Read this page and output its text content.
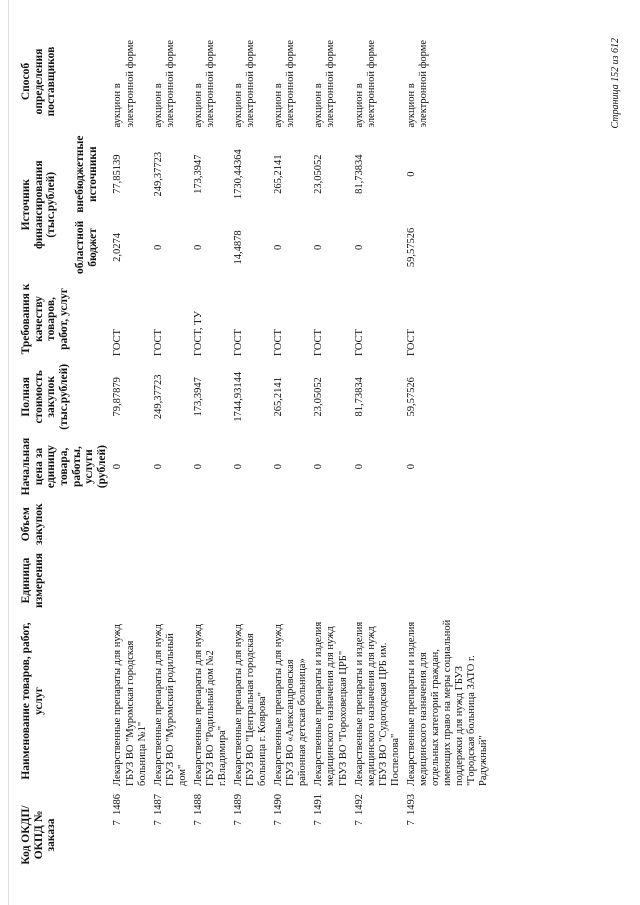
Код ОКДП/ ОКПД № заказа	Наименование товаров, работ, услуг	Единица измерения	Объем закупок	Начальная цена за единицу товара, работы, услуги (рублей)	Полная стоимость закупок (тыс.рублей)	Требования к качеству товаров, работ, услуг	Источник финансирования (тыс.рублей)		Способ определения поставщиков
							областной бюджет	внебюджетные источники	
7  1486	Лекарственные препараты для нужд ГБУЗ ВО "Муромская городская больница №1"			0	79,87879	ГОСТ	2,0274	77,85139	аукцион в электронной форме
7  1487	Лекарственные препараты для нужд ГБУЗ ВО "Муромский родильный дом"			0	249,37723	ГОСТ	0	249,37723	аукцион в электронной форме
7  1488	Лекарственные препараты для нужд ГБУЗ ВО "Родильный дом №2 г.Владимира"			0	173,3947	ГОСТ, ТУ	0	173,3947	аукцион в электронной форме
7  1489	Лекарственные препараты для нужд ГБУЗ ВО "Центральная городская больница г. Коврова"			0	1744,93144	ГОСТ	14,4878	1730,44364	аукцион в электронной форме
7  1490	Лекарственные препараты для нужд ГБУЗ ВО «Александровская районная детская больница»			0	265,2141	ГОСТ	0	265,2141	аукцион в электронной форме
7  1491	Лекарственные препараты и изделия медицинского назначения для нужд ГБУЗ ВО "Гороховецкая ЦРБ"			0	23,05052	ГОСТ	0	23,05052	аукцион в электронной форме
7  1492	Лекарственные препараты и изделия медицинского назначения для нужд ГБУЗ ВО "Судогодская ЦРБ им. Поспелова"			0	81,73834	ГОСТ	0	81,73834	аукцион в электронной форме
7  1493	Лекарственные препараты и изделия медицинского назначения для отдельных категорий граждан, имеющих право на меры социальной поддержки для нужд ГБУЗ "Городская больница ЗАТО г. Радужный"			0	59,57526	ГОСТ	59,57526	0	аукцион в электронной форме	Страница 152 из 612
